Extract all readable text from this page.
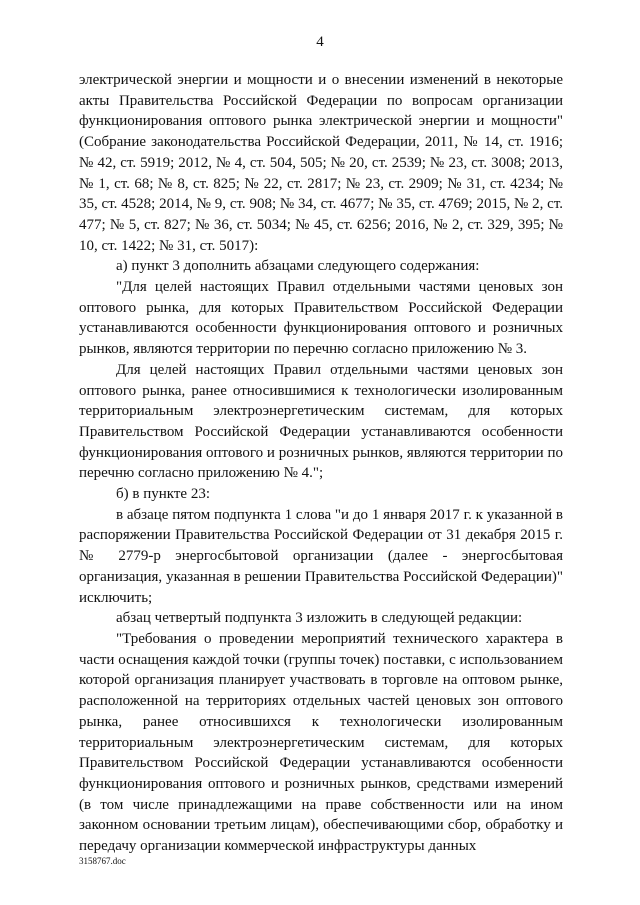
4

электрической энергии и мощности и о внесении изменений в некоторые акты Правительства Российской Федерации по вопросам организации функционирования оптового рынка электрической энергии и мощности" (Собрание законодательства Российской Федерации, 2011, № 14, ст. 1916; № 42, ст. 5919; 2012, № 4, ст. 504, 505; № 20, ст. 2539; № 23, ст. 3008; 2013, № 1, ст. 68; № 8, ст. 825; № 22, ст. 2817; № 23, ст. 2909; № 31, ст. 4234; № 35, ст. 4528; 2014, № 9, ст. 908; № 34, ст. 4677; № 35, ст. 4769; 2015, № 2, ст. 477; № 5, ст. 827; № 36, ст. 5034; № 45, ст. 6256; 2016, № 2, ст. 329, 395; № 10, ст. 1422; № 31, ст. 5017):

а) пункт 3 дополнить абзацами следующего содержания:

"Для целей настоящих Правил отдельными частями ценовых зон оптового рынка, для которых Правительством Российской Федерации устанавливаются особенности функционирования оптового и розничных рынков, являются территории по перечню согласно приложению № 3.

Для целей настоящих Правил отдельными частями ценовых зон оптового рынка, ранее относившимися к технологически изолированным территориальным электроэнергетическим системам, для которых Правительством Российской Федерации устанавливаются особенности функционирования оптового и розничных рынков, являются территории по перечню согласно приложению № 4.";

б) в пункте 23:

в абзаце пятом подпункта 1 слова "и до 1 января 2017 г. к указанной в распоряжении Правительства Российской Федерации от 31 декабря 2015 г. № 2779-р энергосбытовой организации (далее - энергосбытовая организация, указанная в решении Правительства Российской Федерации)" исключить;

абзац четвертый подпункта 3 изложить в следующей редакции:

"Требования о проведении мероприятий технического характера в части оснащения каждой точки (группы точек) поставки, с использованием которой организация планирует участвовать в торговле на оптовом рынке, расположенной на территориях отдельных частей ценовых зон оптового рынка, ранее относившихся к технологически изолированным территориальным электроэнергетическим системам, для которых Правительством Российской Федерации устанавливаются особенности функционирования оптового и розничных рынков, средствами измерений (в том числе принадлежащими на праве собственности или на ином законном основании третьим лицам), обеспечивающими сбор, обработку и передачу организации коммерческой инфраструктуры данных

3158767.doc
